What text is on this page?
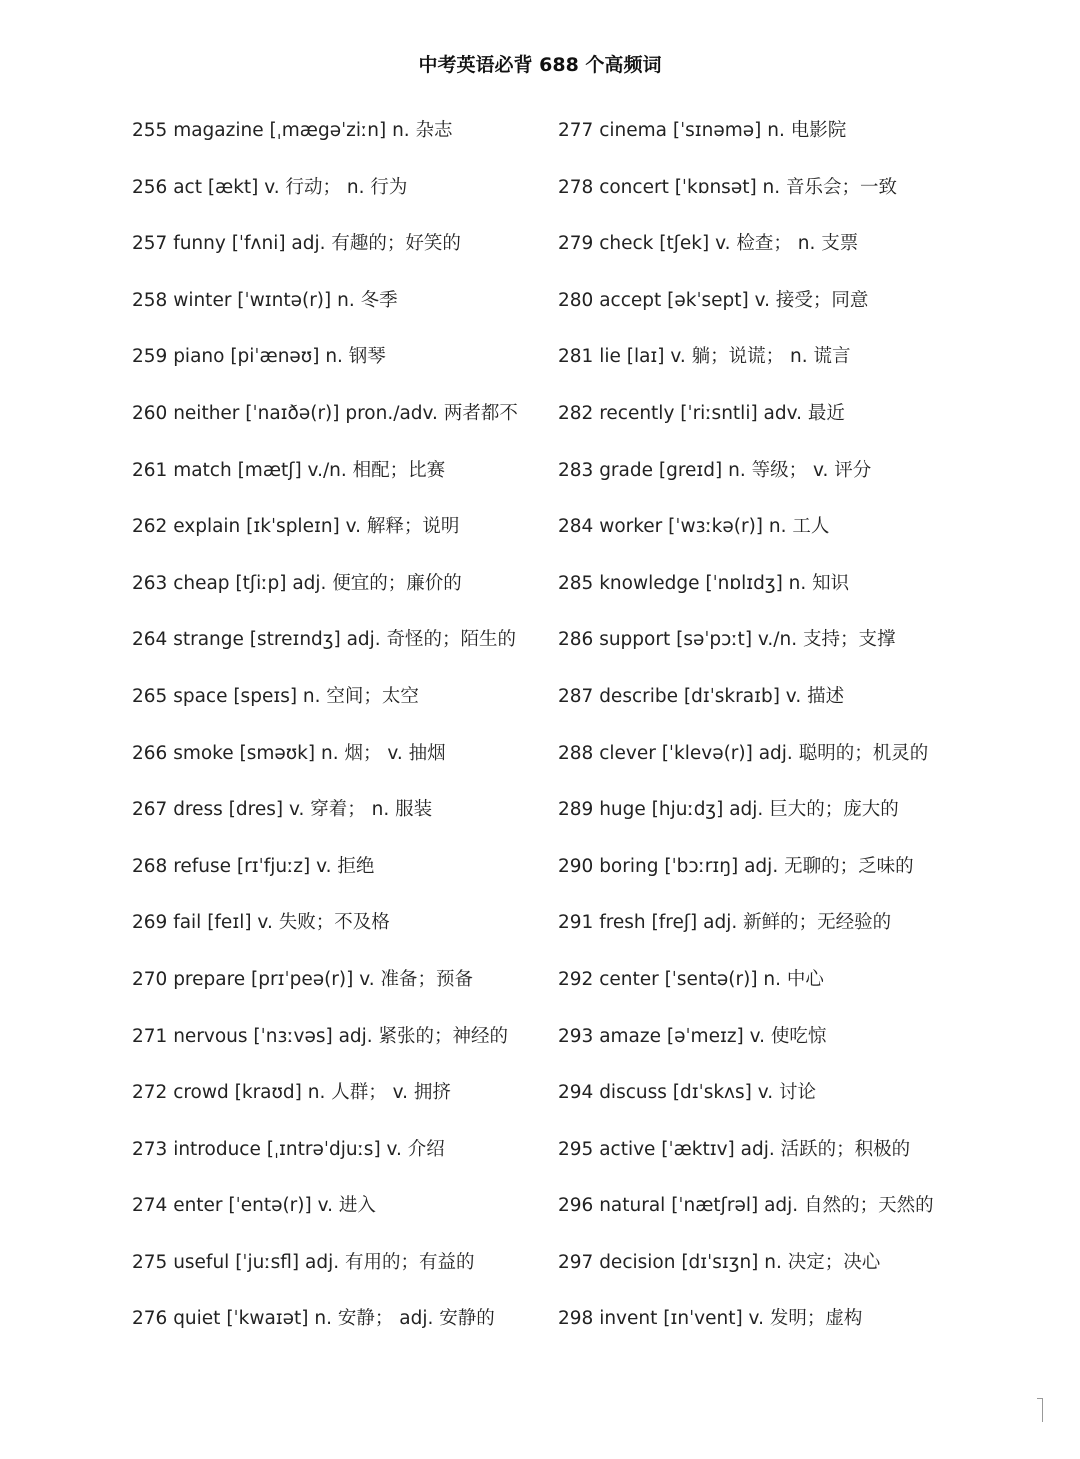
中考英语必背 688 个高频词
255 magazine [ˌmægəˈziːn] n. 杂志
256 act [ækt] v. 行动； n. 行为
257 funny [ˈfʌni] adj. 有趣的；好笑的
258 winter [ˈwɪntə(r)] n. 冬季
259 piano [piˈænəʊ] n. 钢琴
260 neither [ˈnaɪðə(r)] pron./adv. 两者都不
261 match [mætʃ] v./n. 相配；比赛
262 explain [ɪkˈspleɪn] v. 解释；说明
263 cheap [tʃiːp] adj. 便宜的；廉价的
264 strange [streɪndʒ] adj. 奇怪的；陌生的
265 space [speɪs] n. 空间；太空
266 smoke [sməʊk] n. 烟； v. 抽烟
267 dress [dres] v. 穿着； n. 服装
268 refuse [rɪˈfjuːz] v. 拒绝
269 fail [feɪl] v. 失败；不及格
270 prepare [prɪˈpeə(r)] v. 准备；预备
271 nervous [ˈnɜːvəs] adj. 紧张的；神经的
272 crowd [kraʊd] n. 人群； v. 拥挤
273 introduce [ˌɪntrəˈdjuːs] v. 介绍
274 enter [ˈentə(r)] v. 进入
275 useful [ˈjuːsfl] adj. 有用的；有益的
276 quiet [ˈkwaɪət] n. 安静； adj. 安静的
277 cinema [ˈsɪnəmə] n. 电影院
278 concert [ˈkɒnsət] n. 音乐会；一致
279 check [tʃek] v. 检查； n. 支票
280 accept [əkˈsept] v. 接受；同意
281 lie [laɪ] v. 躺；说谎； n. 谎言
282 recently [ˈriːsntli] adv. 最近
283 grade [greɪd] n. 等级； v. 评分
284 worker [ˈwɜːkə(r)] n. 工人
285 knowledge [ˈnɒlɪdʒ] n. 知识
286 support [səˈpɔːt] v./n. 支持；支撑
287 describe [dɪˈskraɪb] v. 描述
288 clever [ˈklevə(r)] adj. 聪明的；机灵的
289 huge [hjuːdʒ] adj. 巨大的；庞大的
290 boring [ˈbɔːrɪŋ] adj. 无聊的；乏味的
291 fresh [freʃ] adj. 新鲜的；无经验的
292 center [ˈsentə(r)] n. 中心
293 amaze [əˈmeɪz] v. 使吃惊
294 discuss [dɪˈskʌs] v. 讨论
295 active [ˈæktɪv] adj. 活跃的；积极的
296 natural [ˈnætʃrəl] adj. 自然的；天然的
297 decision [dɪˈsɪʒn] n. 决定；决心
298 invent [ɪnˈvent] v. 发明；虚构
